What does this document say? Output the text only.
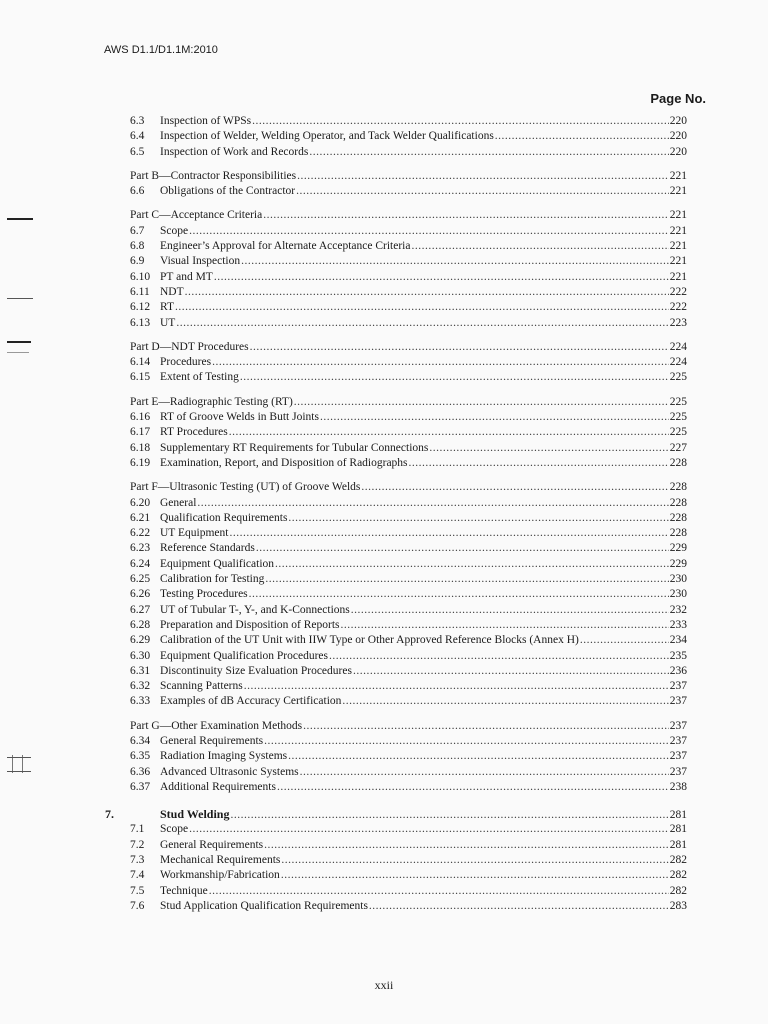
AWS D1.1/D1.1M:2010
Page No.
6.3	Inspection of WPSs .....	220
6.4	Inspection of Welder, Welding Operator, and Tack Welder Qualifications .....	220
6.5	Inspection of Work and Records .....	220
Part B—Contractor Responsibilities .....	221
6.6	Obligations of the Contractor .....	221
Part C—Acceptance Criteria .....	221
6.7	Scope .....	221
6.8	Engineer’s Approval for Alternate Acceptance Criteria .....	221
6.9	Visual Inspection .....	221
6.10 PT and MT .....	221
6.11 NDT .....	222
6.12 RT .....	222
6.13 UT .....	223
Part D—NDT Procedures .....	224
6.14 Procedures .....	224
6.15 Extent of Testing .....	225
Part E—Radiographic Testing (RT) .....	225
6.16 RT of Groove Welds in Butt Joints .....	225
6.17 RT Procedures .....	225
6.18 Supplementary RT Requirements for Tubular Connections .....	227
6.19 Examination, Report, and Disposition of Radiographs .....	228
Part F—Ultrasonic Testing (UT) of Groove Welds .....	228
6.20 General .....	228
6.21 Qualification Requirements .....	228
6.22 UT Equipment .....	228
6.23 Reference Standards .....	229
6.24 Equipment Qualification .....	229
6.25 Calibration for Testing .....	230
6.26 Testing Procedures .....	230
6.27 UT of Tubular T-, Y-, and K-Connections .....	232
6.28 Preparation and Disposition of Reports .....	233
6.29 Calibration of the UT Unit with IIW Type or Other Approved Reference Blocks (Annex H) .....	234
6.30 Equipment Qualification Procedures .....	235
6.31 Discontinuity Size Evaluation Procedures .....	236
6.32 Scanning Patterns .....	237
6.33 Examples of dB Accuracy Certification .....	237
Part G—Other Examination Methods .....	237
6.34 General Requirements .....	237
6.35 Radiation Imaging Systems .....	237
6.36 Advanced Ultrasonic Systems .....	237
6.37 Additional Requirements .....	238
7.	Stud Welding .....	281
7.1	Scope .....	281
7.2	General Requirements .....	281
7.3	Mechanical Requirements .....	282
7.4	Workmanship/Fabrication .....	282
7.5	Technique .....	282
7.6	Stud Application Qualification Requirements .....	283
xxii
